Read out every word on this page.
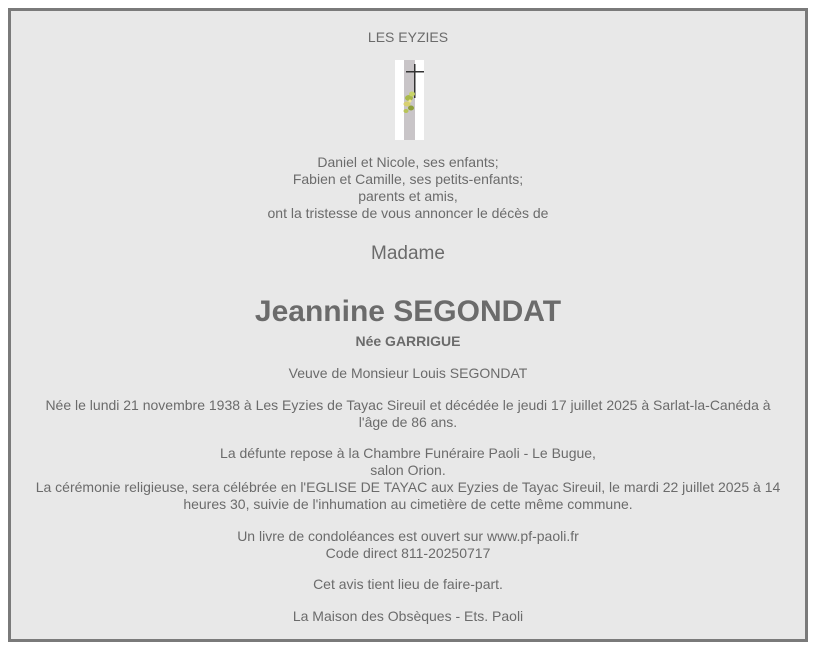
LES EYZIES
Daniel et Nicole, ses enfants;
Fabien et Camille, ses petits-enfants;
parents et amis,
ont la tristesse de vous annoncer le décès de
Madame
Jeannine SEGONDAT
Née GARRIGUE
Veuve de Monsieur Louis SEGONDAT
Née le lundi 21 novembre 1938 à Les Eyzies de Tayac Sireuil et décédée le jeudi 17 juillet 2025 à Sarlat-la-Canéda à l'âge de 86 ans.
La défunte repose à la Chambre Funéraire Paoli - Le Bugue,
salon Orion.
La cérémonie religieuse, sera célébrée en l'EGLISE DE TAYAC aux Eyzies de Tayac Sireuil, le mardi 22 juillet 2025 à 14 heures 30, suivie de l'inhumation au cimetière de cette même commune.
Un livre de condoléances est ouvert sur www.pf-paoli.fr
Code direct 811-20250717
Cet avis tient lieu de faire-part.
La Maison des Obsèques - Ets. Paoli
